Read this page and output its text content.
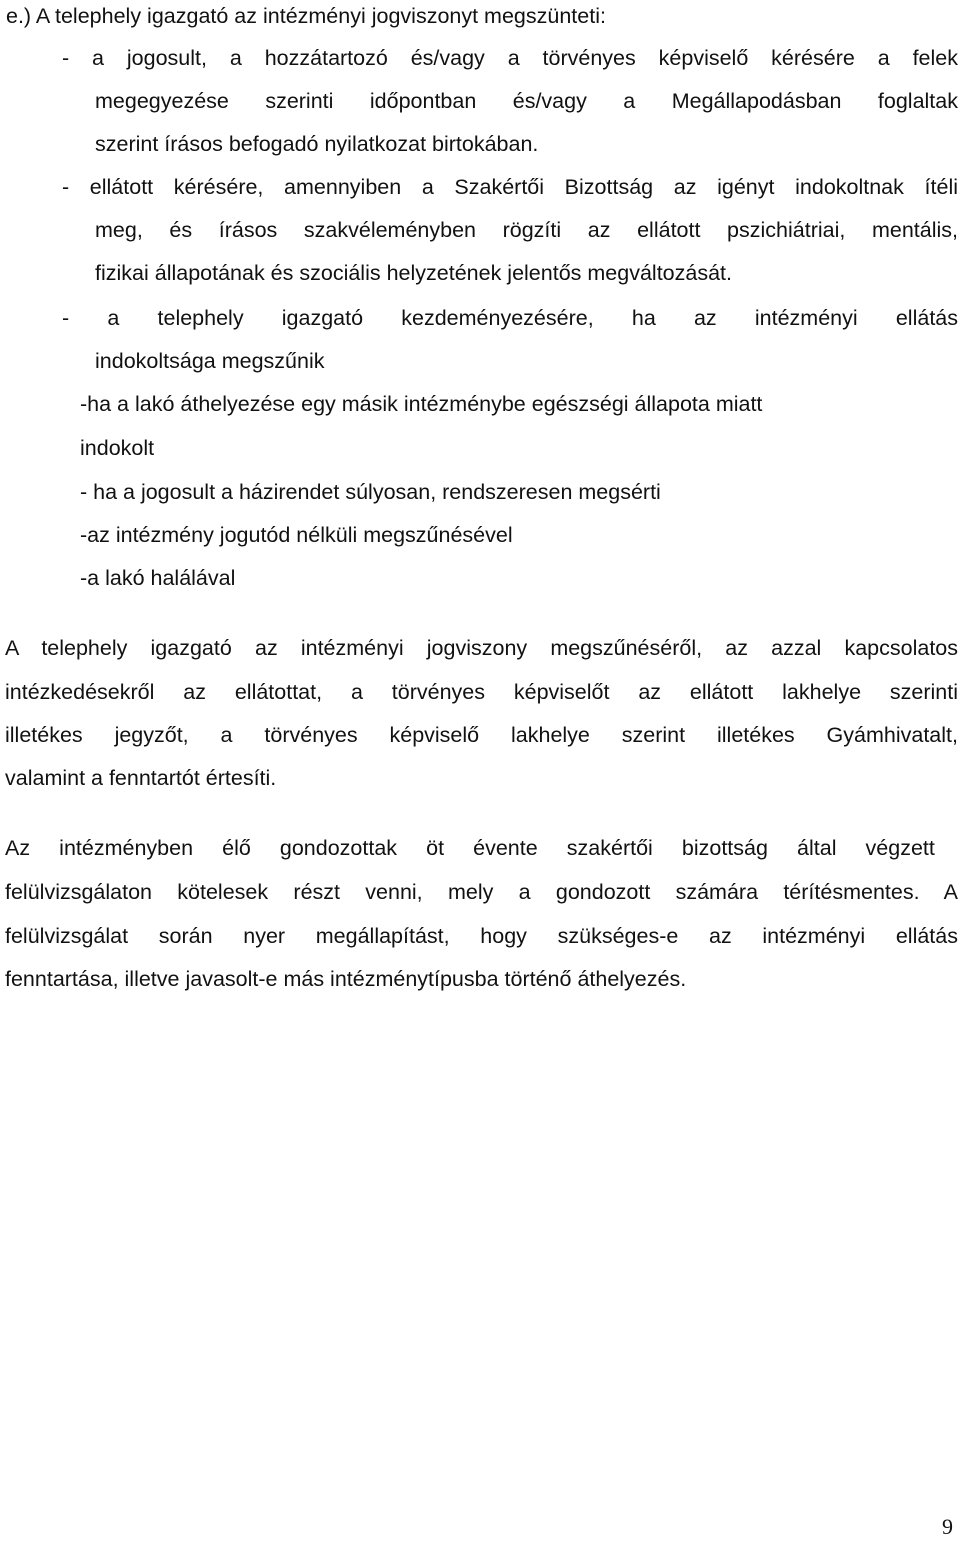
e.) A telephely igazgató az intézményi jogviszonyt megszünteti:
- a jogosult, a hozzátartozó és/vagy a törvényes képviselő kérésére a felek
megegyezése szerinti időpontban és/vagy a Megállapodásban foglaltak
szerint írásos befogadó nyilatkozat birtokában.
- ellátott kérésére, amennyiben a Szakértői Bizottság az igényt indokoltnak ítéli
meg, és írásos szakvéleményben rögzíti az ellátott pszichiátriai, mentális,
fizikai állapotának és szociális helyzetének jelentős megváltozását.
- a telephely igazgató kezdeményezésére, ha az intézményi ellátás
indokoltsága megszűnik
-ha a lakó áthelyezése egy másik intézménybe egészségi állapota miatt
indokolt
- ha a jogosult a házirendet súlyosan, rendszeresen megsérti
-az intézmény jogutód nélküli megszűnésével
-a lakó halálával
A telephely igazgató az intézményi jogviszony megszűnéséről, az azzal kapcsolatos
intézkedésekről az ellátottat, a törvényes képviselőt az ellátott lakhelye szerinti
illetékes jegyzőt, a törvényes képviselő lakhelye szerint illetékes Gyámhivatalt,
valamint a fenntartót értesíti.
Az intézményben élő gondozottak öt évente szakértői bizottság által végzett
felülvizsgálaton kötelesek részt venni, mely a gondozott számára térítésmentes. A
felülvizsgálat során nyer megállapítást, hogy szükséges-e az intézményi ellátás
fenntartása, illetve javasolt-e más intézménytípusba történő áthelyezés.
9
